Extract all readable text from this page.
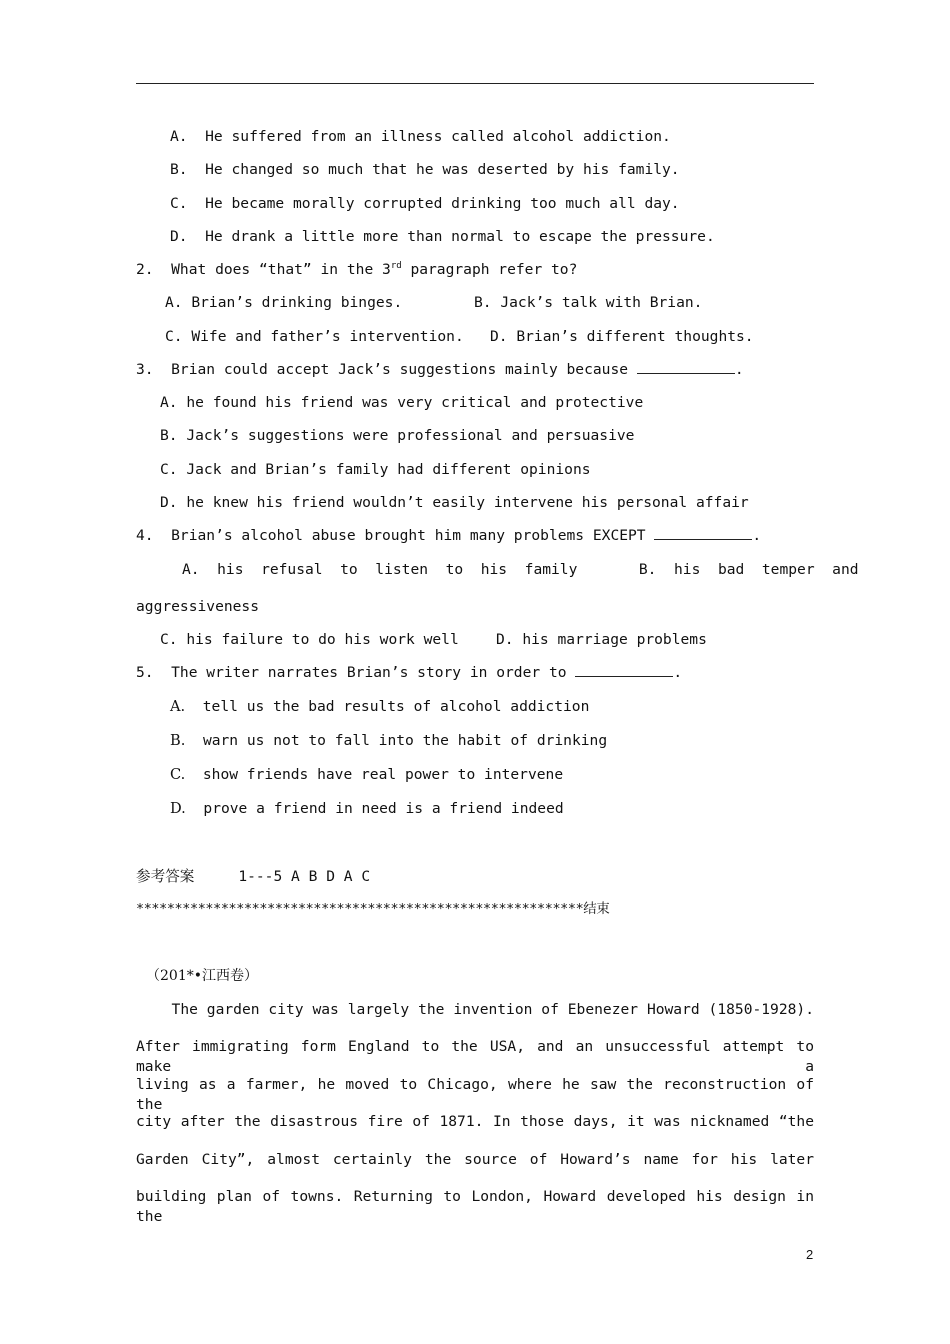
A.  He suffered from an illness called alcohol addiction.
B.  He changed so much that he was deserted by his family.
C.  He became morally corrupted drinking too much all day.
D.  He drank a little more than normal to escape the pressure.
2.  What does “that” in the 3rd paragraph refer to?
A. Brian’s drinking binges.	B. Jack’s talk with Brian.
C. Wife and father’s intervention. D. Brian’s different thoughts.
3.  Brian could accept Jack’s suggestions mainly because	.
A. he found his friend was very critical and protective
B. Jack’s suggestions were professional and persuasive
C. Jack and Brian’s family had different opinions
D. he knew his friend wouldn’t easily intervene his personal affair
4.  Brian’s alcohol abuse brought him many problems EXCEPT	.
A.  his  refusal  to  listen  to  his  family       B.  his  bad  temper  and
aggressiveness
C. his failure to do his work well	D. his marriage problems
5.  The writer narrates Brian’s story in order to	.
A. tell us the bad results of alcohol addiction
B. warn us not to fall into the habit of drinking
C. show friends have real power to intervene
D. prove a friend in need is a friend indeed
参考答案	1---5 A B D A C
**********************************************************结束
（201*•江西卷）
The garden city was largely the invention of Ebenezer Howard (1850-1928).
After immigrating form England to the USA, and an unsuccessful attempt to make a
living as a farmer, he moved to Chicago, where he saw the reconstruction of the
city after the disastrous fire of 1871. In those days, it was nicknamed “the
Garden City”, almost certainly the source of Howard’s name for his later
building plan of towns. Returning to London, Howard developed his design in the
2
